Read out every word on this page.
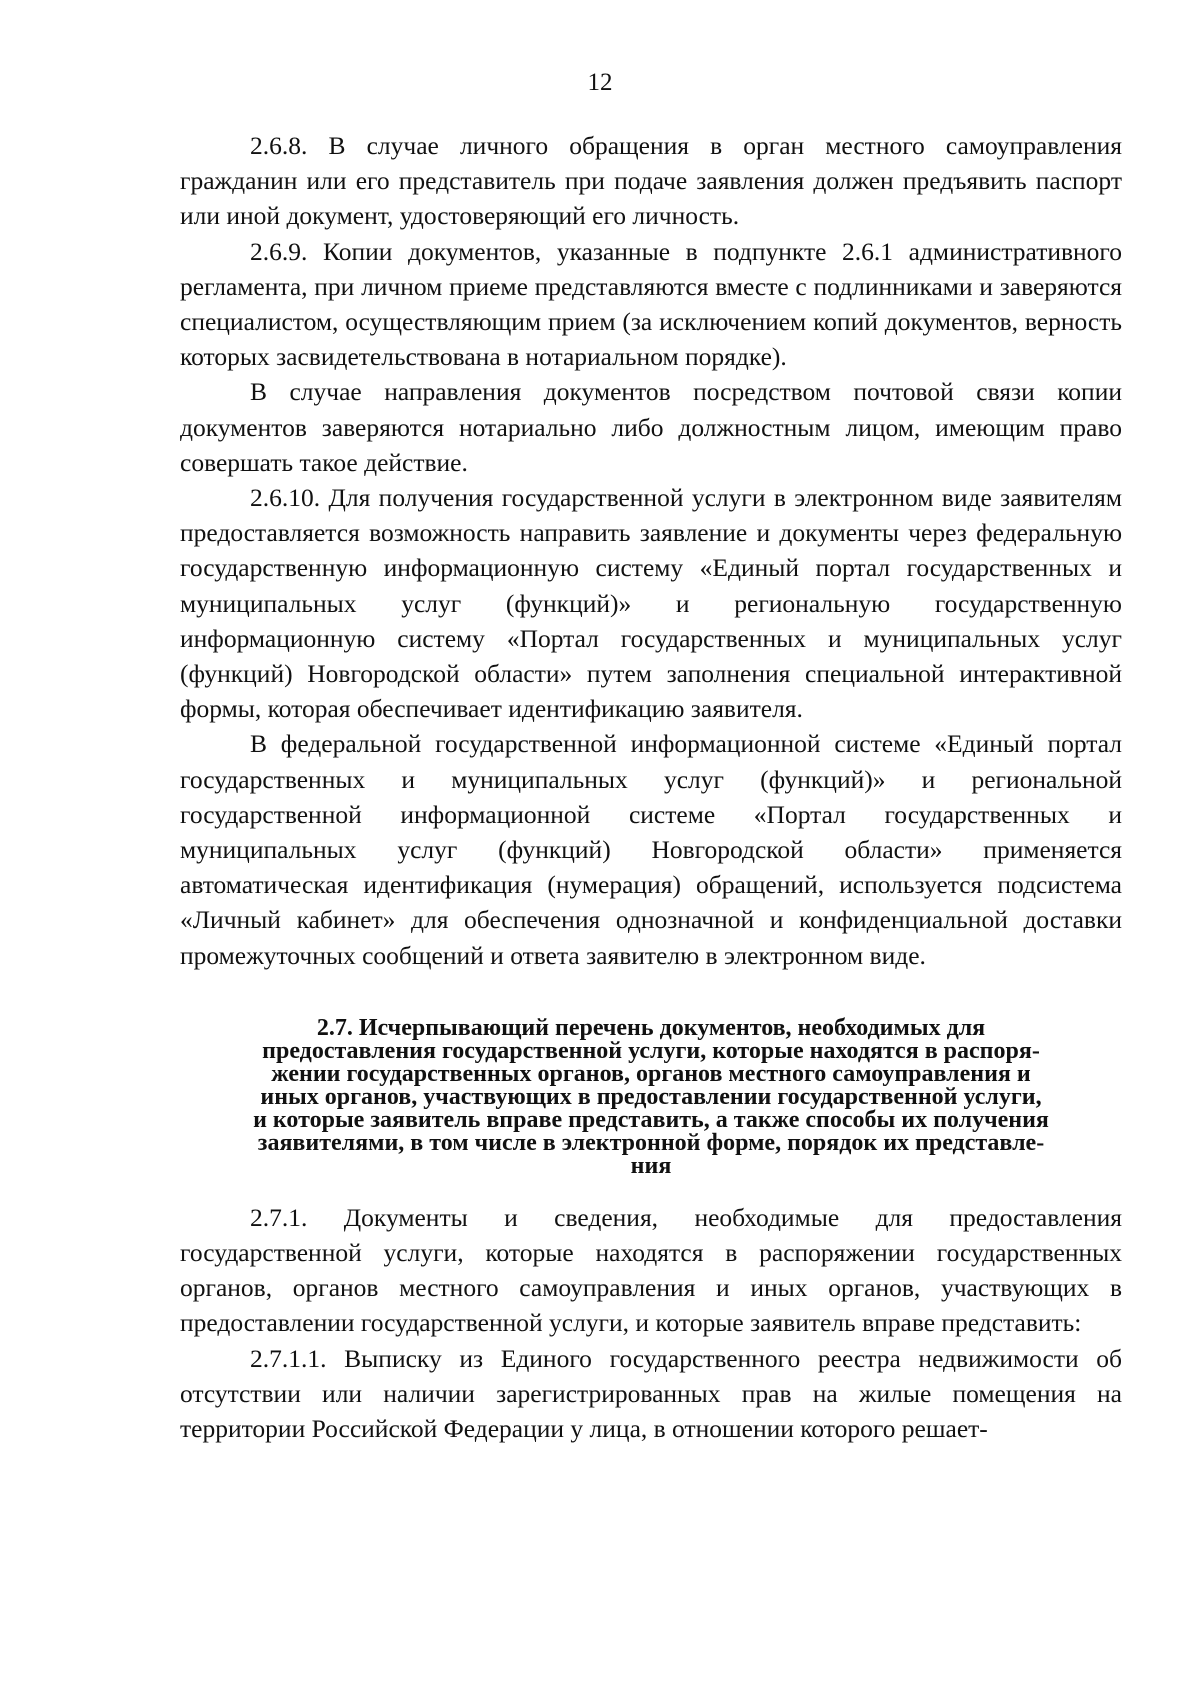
12

2.6.8. В случае личного обращения в орган местного самоуправления гражданин или его представитель при подаче заявления должен предъявить паспорт или иной документ, удостоверяющий его личность.

2.6.9. Копии документов, указанные в подпункте 2.6.1 административного регламента, при личном приеме представляются вместе с подлинниками и заверяются специалистом, осуществляющим прием (за исключением копий документов, верность которых засвидетельствована в нотариальном порядке).

В случае направления документов посредством почтовой связи копии документов заверяются нотариально либо должностным лицом, имеющим право совершать такое действие.

2.6.10. Для получения государственной услуги в электронном виде заявителям предоставляется возможность направить заявление и документы через федеральную государственную информационную систему «Единый портал государственных и муниципальных услуг (функций)» и региональную государственную информационную систему «Портал государственных и муниципальных услуг (функций) Новгородской области» путем заполнения специальной интерактивной формы, которая обеспечивает идентификацию заявителя.

В федеральной государственной информационной системе «Единый портал государственных и муниципальных услуг (функций)» и региональной государственной информационной системе «Портал государственных и муниципальных услуг (функций) Новгородской области» применяется автоматическая идентификация (нумерация) обращений, используется подсистема «Личный кабинет» для обеспечения однозначной и конфиденциальной доставки промежуточных сообщений и ответа заявителю в электронном виде.

2.7. Исчерпывающий перечень документов, необходимых для
предоставления государственной услуги, которые находятся в распоря-
жении государственных органов, органов местного самоуправления и
иных органов, участвующих в предоставлении государственной услуги,
и которые заявитель вправе представить, а также способы их получения
заявителями, в том числе в электронной форме, порядок их представле-
ния

2.7.1. Документы и сведения, необходимые для предоставления государственной услуги, которые находятся в распоряжении государственных органов, органов местного самоуправления и иных органов, участвующих в предоставлении государственной услуги, и которые заявитель вправе представить:

2.7.1.1. Выписку из Единого государственного реестра недвижимости об отсутствии или наличии зарегистрированных прав на жилые помещения на территории Российской Федерации у лица, в отношении которого решает-
